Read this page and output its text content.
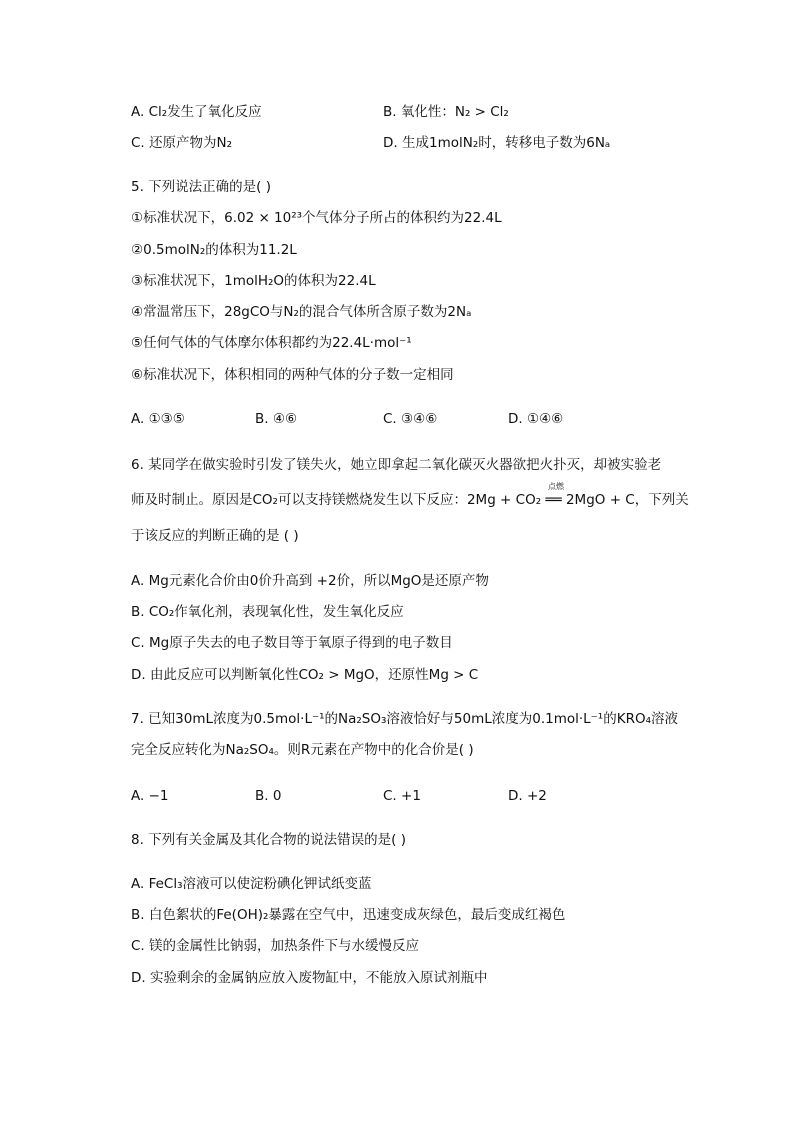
A. Cl₂发生了氧化反应	B. 氧化性：N₂ > Cl₂
C. 还原产物为N₂	D. 生成1molN₂时，转移电子数为6Nₐ
5. 下列说法正确的是( )
①标准状况下，6.02 × 10²³个气体分子所占的体积约为22.4L
②0.5molN₂的体积为11.2L
③标准状况下，1molH₂O的体积为22.4L
④常温常压下，28gCO与N₂的混合气体所含原子数为2Nₐ
⑤任何气体的气体摩尔体积都约为22.4L·mol⁻¹
⑥标准状况下，体积相同的两种气体的分子数一定相同
A. ①③⑤	B. ④⑥	C. ③④⑥	D. ①④⑥
6. 某同学在做实验时引发了镁失火，她立即拿起二氧化碳灭火器欲把火扑灭，却被实验老
师及时制止。原因是CO₂可以支持镁燃烧发生以下反应：2Mg + CO₂ ══ 2MgO + C，下列关
点燃
于该反应的判断正确的是 ( )
A. Mg元素化合价由0价升高到 +2价，所以MgO是还原产物
B. CO₂作氧化剂，表现氧化性，发生氧化反应
C. Mg原子失去的电子数目等于氧原子得到的电子数目
D. 由此反应可以判断氧化性CO₂ > MgO，还原性Mg > C
7. 已知30mL浓度为0.5mol·L⁻¹的Na₂SO₃溶液恰好与50mL浓度为0.1mol·L⁻¹的KRO₄溶液
完全反应转化为Na₂SO₄。则R元素在产物中的化合价是( )
A. −1	B. 0	C. +1	D. +2
8. 下列有关金属及其化合物的说法错误的是( )
A. FeCl₃溶液可以使淀粉碘化钾试纸变蓝
B. 白色絮状的Fe(OH)₂暴露在空气中，迅速变成灰绿色，最后变成红褐色
C. 镁的金属性比钠弱，加热条件下与水缓慢反应
D. 实验剩余的金属钠应放入废物缸中，不能放入原试剂瓶中
